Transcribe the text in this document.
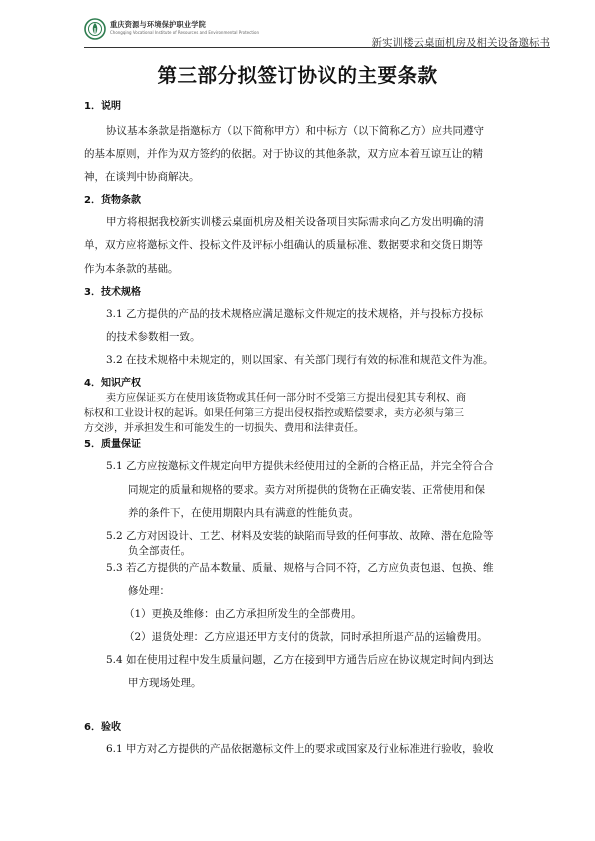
重庆资源与环境保护职业学院
Chongqing Vocational Institute of Resources and Environmental Protection
新实训楼云桌面机房及相关设备邀标书
第三部分拟签订协议的主要条款
1．说明
协议基本条款是指邀标方（以下简称甲方）和中标方（以下简称乙方）应共同遵守
的基本原则，并作为双方签约的依据。对于协议的其他条款，双方应本着互谅互让的精
神，在谈判中协商解决。
2．货物条款
甲方将根据我校新实训楼云桌面机房及相关设备项目实际需求向乙方发出明确的清
单，双方应将邀标文件、投标文件及评标小组确认的质量标准、数据要求和交货日期等
作为本条款的基础。
3．技术规格
3.1 乙方提供的产品的技术规格应满足邀标文件规定的技术规格，并与投标方投标
的技术参数相一致。
3.2 在技术规格中未规定的，则以国家、有关部门现行有效的标准和规范文件为准。
4．知识产权
卖方应保证买方在使用该货物或其任何一部分时不受第三方提出侵犯其专利权、商
标权和工业设计权的起诉。如果任何第三方提出侵权指控或赔偿要求，卖方必须与第三
方交涉，并承担发生和可能发生的一切损失、费用和法律责任。
5．质量保证
5.1 乙方应按邀标文件规定向甲方提供未经使用过的全新的合格正品，并完全符合合
同规定的质量和规格的要求。卖方对所提供的货物在正确安装、正常使用和保
养的条件下，在使用期限内具有满意的性能负责。
5.2 乙方对因设计、工艺、材料及安装的缺陷而导致的任何事故、故障、潜在危险等
负全部责任。
5.3 若乙方提供的产品本数量、质量、规格与合同不符，乙方应负责包退、包换、维
修处理：
（1）更换及维修：由乙方承担所发生的全部费用。
（2）退货处理：乙方应退还甲方支付的货款，同时承担所退产品的运输费用。
5.4 如在使用过程中发生质量问题，乙方在接到甲方通告后应在协议规定时间内到达
甲方现场处理。
6．验收
6.1 甲方对乙方提供的产品依据邀标文件上的要求或国家及行业标准进行验收，验收
